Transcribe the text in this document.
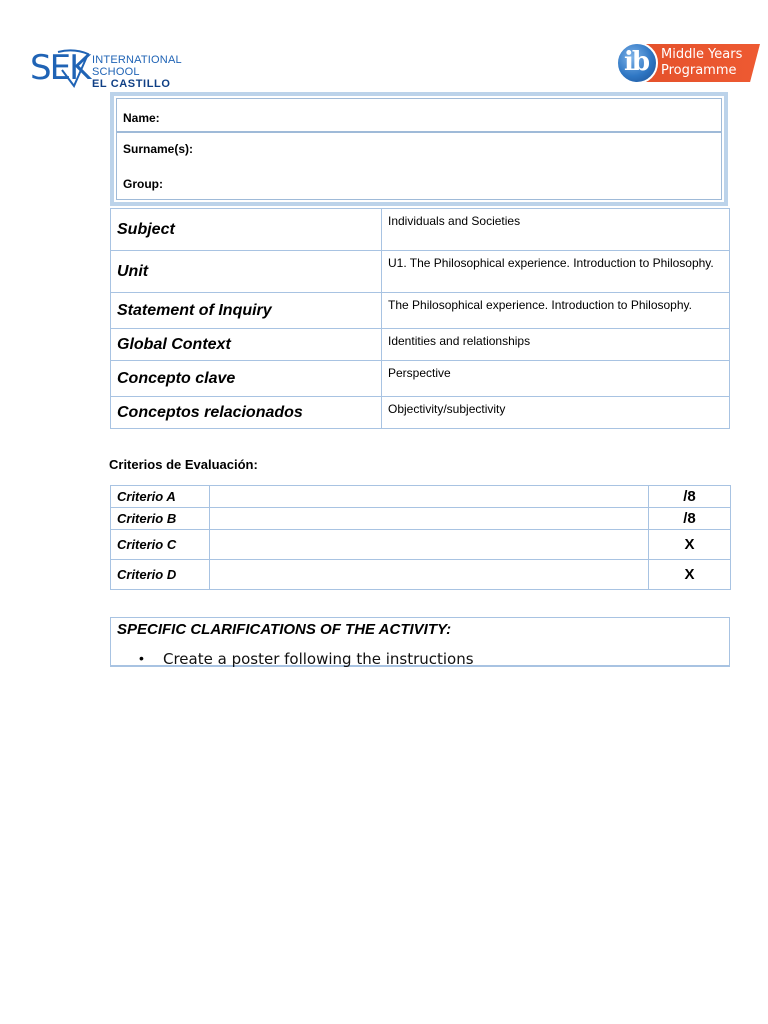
SEK INTERNATIONAL
SCHOOL
EL CASTILLO
Middle Years
Programme
ib
Name:
Surname(s):
Group:
Subject	Individuals and Societies
Unit	U1. The Philosophical experience. Introduction to Philosophy.
Statement of Inquiry	The Philosophical experience. Introduction to Philosophy.
Global Context	Identities and relationships
Concepto clave	Perspective
Conceptos relacionados	Objectivity/subjectivity
Criterios de Evaluación:
Criterio A		/8
Criterio B		/8
Criterio C		X
Criterio D		X
SPECIFIC CLARIFICATIONS OF THE ACTIVITY:
• Create a poster following the instructions
